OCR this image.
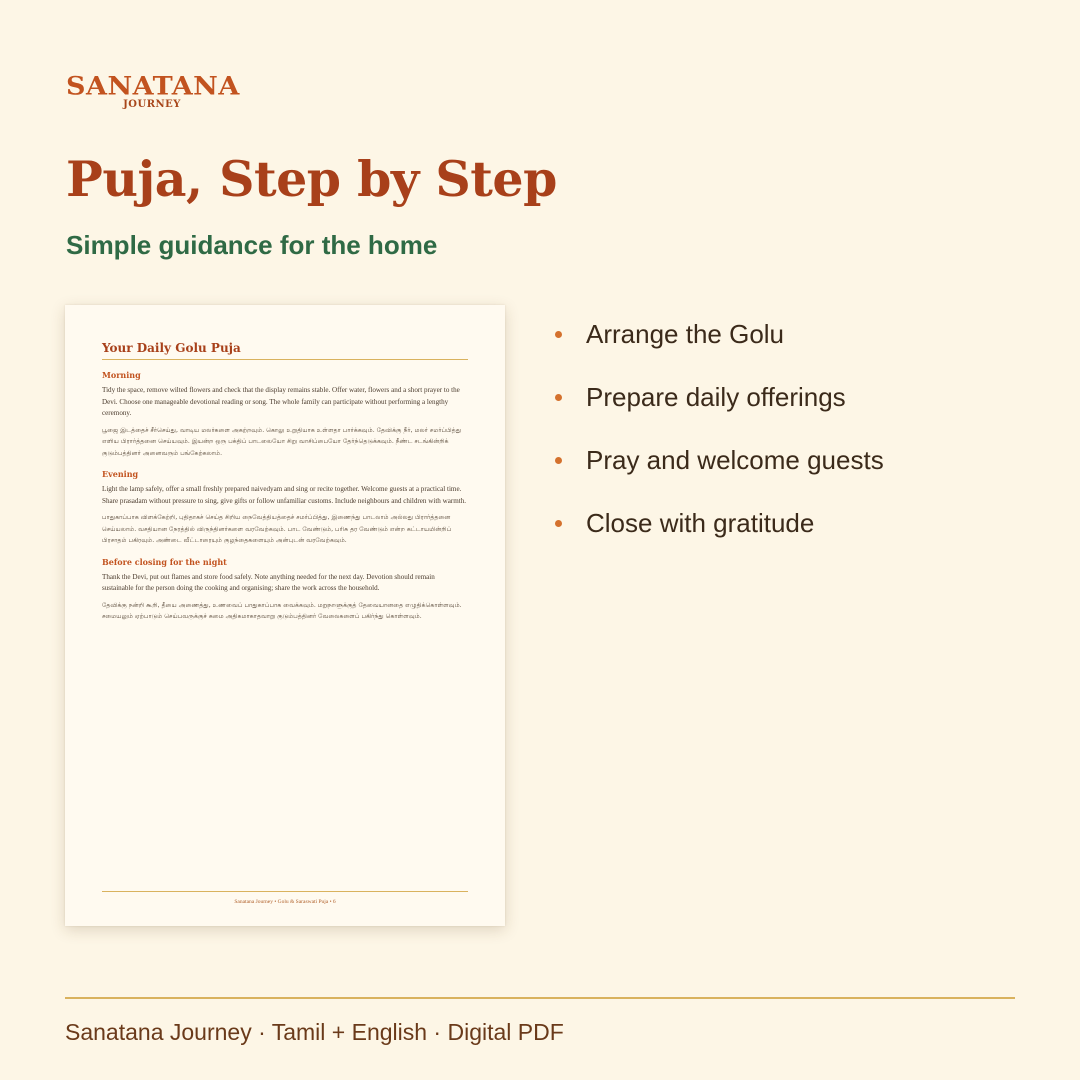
SANATANA
JOURNEY
Puja, Step by Step
Simple guidance for the home
Your Daily Golu Puja
Morning

Tidy the space, remove wilted flowers and check that the display remains stable. Offer water, flowers and a short prayer to the Devi. Choose one manageable devotional reading or song. The whole family can participate without performing a lengthy ceremony.

பூஜை இடத்தைச் சீர்செய்து, வாடிய மலர்களை அகற்றவும். கொலு உறுதியாக உள்ளதா பார்க்கவும். தேவிக்கு நீர், மலர் சமர்ப்பித்து எளிய பிரார்த்தனை செய்யவும். இயன்ற ஒரு பக்திப் பாடலையோ சிறு வாசிப்பையோ தேர்ந்தெடுக்கவும். நீண்ட சடங்கின்றிக் குடும்பத்தினர் அனைவரும் பங்கேற்கலாம்.

Evening

Light the lamp safely, offer a small freshly prepared naivedyam and sing or recite together. Welcome guests at a practical time. Share prasadam without pressure to sing, give gifts or follow unfamiliar customs. Include neighbours and children with warmth.

பாதுகாப்பாக விளக்கேற்றி, புதிதாகச் செய்த சிறிய நைவேத்தியத்தைச் சமர்ப்பித்து, இணைந்து பாடலாம் அல்லது பிரார்த்தனை செய்யலாம். வசதியான நேரத்தில் விருந்தினர்களை வரவேற்கவும். பாட வேண்டும், பரிசு தர வேண்டும் என்ற கட்டாயமின்றிப் பிரசாதம் பகிரவும். அண்டை வீட்டாரையும் குழந்தைகளையும் அன்புடன் வரவேற்கவும்.

Before closing for the night

Thank the Devi, put out flames and store food safely. Note anything needed for the next day. Devotion should remain sustainable for the person doing the cooking and organising; share the work across the household.

தேவிக்கு நன்றி கூறி, தீயை அணைத்து, உணவைப் பாதுகாப்பாக வைக்கவும். மறுநாளுக்குத் தேவையானதை எழுதிக்கொள்ளவும். சமையலும் ஏற்பாடும் செய்பவருக்குச் சுமை அதிகமாகாதவாறு குடும்பத்தினர் வேலைகளைப் பகிர்ந்து கொள்ளவும்.

Sanatana Journey • Golu & Saraswati Puja • 6
Arrange the Golu
Prepare daily offerings
Pray and welcome guests
Close with gratitude

Sanatana Journey · Tamil + English · Digital PDF
